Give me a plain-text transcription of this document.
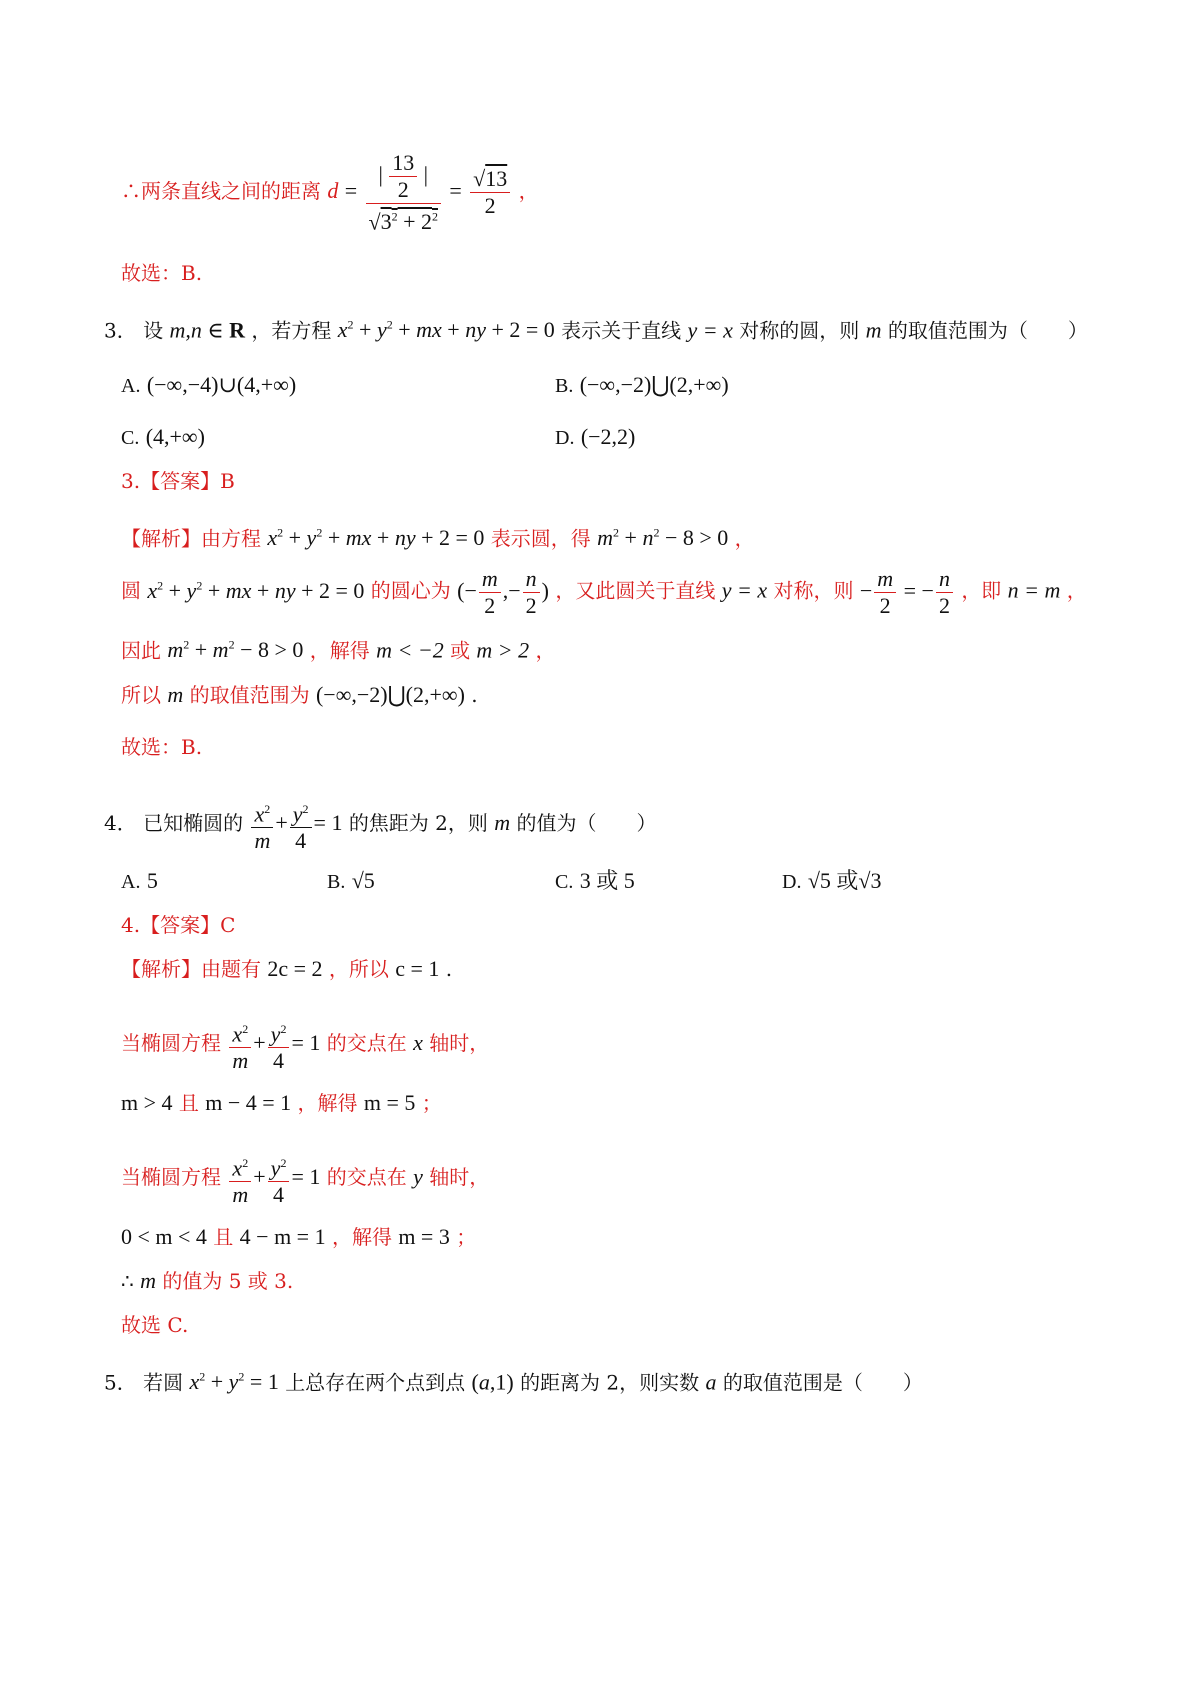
∴两条直线之间的距离 $d = \frac{| \frac{13}{2} |}{√3^2 + 2^2} = \frac{√13}{2}$ ，
故选：B.
3． 设 m,n ∈ R ，若方程 $x^2 + y^2$ + mx + ny + 2 = 0 表示关于直线 y = x 对称的圆，则 m 的取值范围为（　　）
A. (−∞,−4)∪(4,+∞)	B. (−∞,−2)⋃(2,+∞)
C. (4,+∞)	D. (−2,2)
3.【答案】B
【解析】由方程 $x^2 + y^2$ + mx + ny + 2 = 0 表示圆，得 $m^2 + n^2 - 8 > 0$ ，
圆 $x^2 + y^2$ + mx + ny + 2 = 0 的圆心为 (− $\frac{m}{2}$ ,− $\frac{n}{2}$ ) ，又此圆关于直线 y = x 对称，则 − $\frac{m}{2}$ = − $\frac{n}{2}$ ，即 n = m ，
因此 $m^2 + m^2 - 8 > 0$ ，解得 m < −2 或 m > 2 ，
所以 m 的取值范围为 (−∞,−2)⋃(2,+∞) .
故选：B.
4． 已知椭圆的 $\frac{x^2}{m} + \frac{y^2}{4} = 1$ 的焦距为 2，则 m 的值为（　　）
A. 5	B. √5	C. 3 或 5	D. √5 或√3
4.【答案】C
【解析】由题有 2c = 2 ，所以 c = 1 .
当椭圆方程 $\frac{x^2}{m} + \frac{y^2}{4} = 1$ 的交点在 x 轴时，
m > 4 且 m − 4 = 1 ，解得 m = 5 ；
当椭圆方程 $\frac{x^2}{m} + \frac{y^2}{4} = 1$ 的交点在 y 轴时，
0 < m < 4 且 4 − m = 1 ，解得 m = 3 ；
∴ m 的值为 5 或 3.
故选 C.
5． 若圆 $x^2 + y^2 = 1$ 上总存在两个点到点 (a,1) 的距离为 2，则实数 a 的取值范围是（　　）
